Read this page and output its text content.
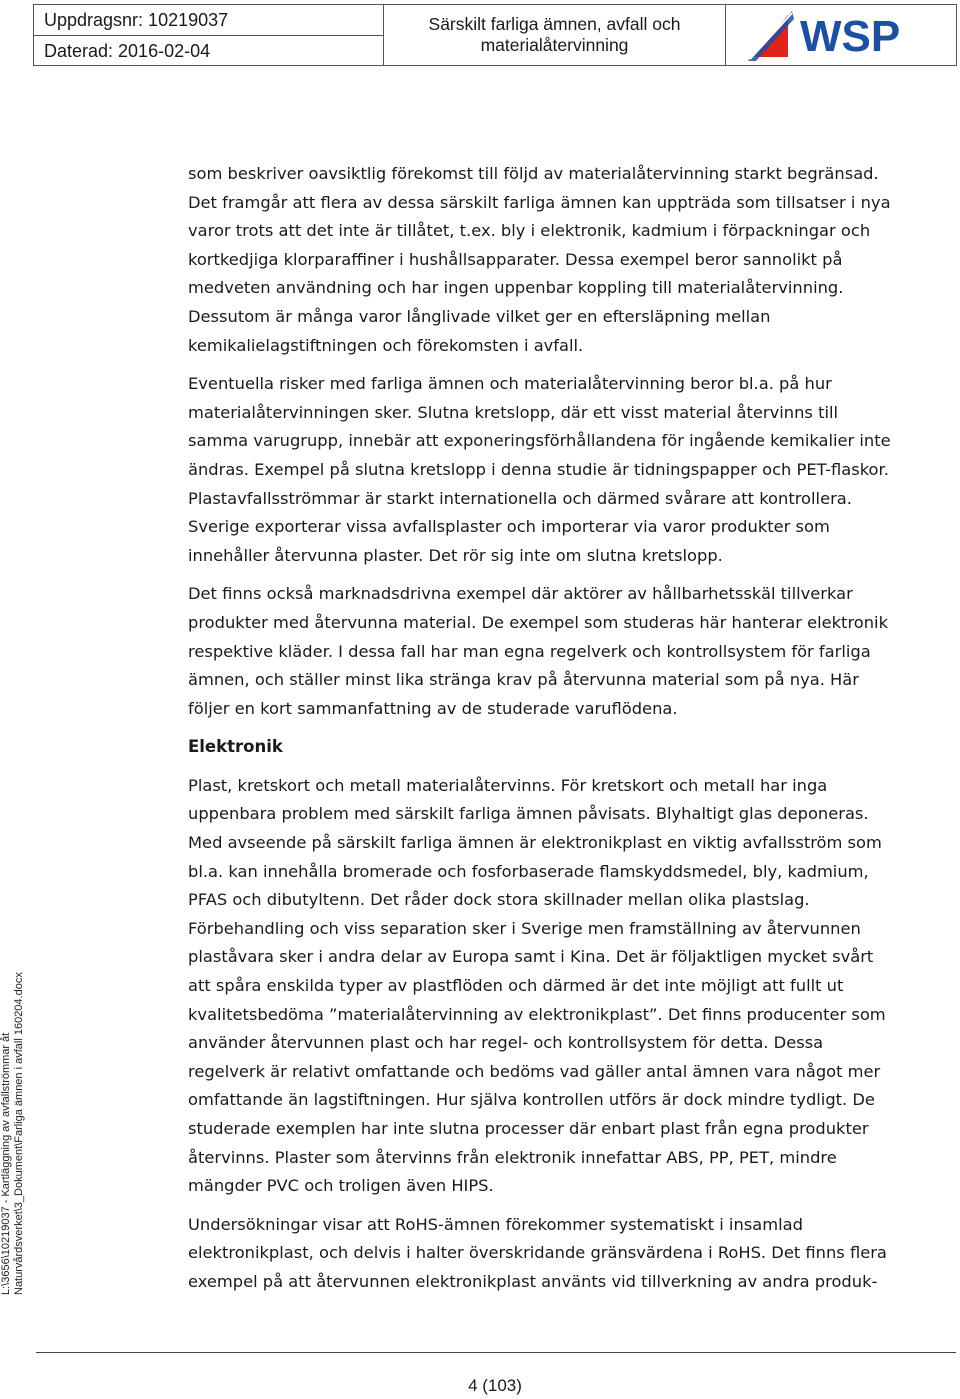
Uppdragsnr: 10219037
Daterad: 2016-02-04
Särskilt farliga ämnen, avfall och materialåtervinning	WSP
L:\3656\10219037 - Kartläggning av avfallströmmar åt Naturvårdsverket\3_Dokument\Farliga ämnen i avfall 160204.docx

som beskriver oavsiktlig förekomst till följd av materialåtervinning starkt begränsad. Det framgår att flera av dessa särskilt farliga ämnen kan uppträda som tillsatser i nya varor trots att det inte är tillåtet, t.ex. bly i elektronik, kadmium i förpackningar och kortkedjiga klorparaffiner i hushållsapparater. Dessa exempel beror sannolikt på medveten användning och har ingen uppenbar koppling till materialåtervinning. Dessutom är många varor långlivade vilket ger en eftersläpning mellan kemikalielagstiftningen och förekomsten i avfall.

Eventuella risker med farliga ämnen och materialåtervinning beror bl.a. på hur materialåtervinningen sker. Slutna kretslopp, där ett visst material återvinns till samma varugrupp, innebär att exponeringsförhållandena för ingående kemikalier inte ändras. Exempel på slutna kretslopp i denna studie är tidningspapper och PET-flaskor. Plastavfallsströmmar är starkt internationella och därmed svårare att kontrollera. Sverige exporterar vissa avfallsplaster och importerar via varor produkter som innehåller återvunna plaster. Det rör sig inte om slutna kretslopp.

Det finns också marknadsdrivna exempel där aktörer av hållbarhetsskäl tillverkar produkter med återvunna material. De exempel som studeras här hanterar elektronik respektive kläder. I dessa fall har man egna regelverk och kontrollsystem för farliga ämnen, och ställer minst lika stränga krav på återvunna material som på nya. Här följer en kort sammanfattning av de studerade varuflödena.

Elektronik

Plast, kretskort och metall materialåtervinns. För kretskort och metall har inga uppenbara problem med särskilt farliga ämnen påvisats. Blyhaltigt glas deponeras. Med avseende på särskilt farliga ämnen är elektronikplast en viktig avfallsström som bl.a. kan innehålla bromerade och fosforbaserade flamskyddsmedel, bly, kadmium, PFAS och dibutyltenn. Det råder dock stora skillnader mellan olika plastslag. Förbehandling och viss separation sker i Sverige men framställning av återvunnen plaståvara sker i andra delar av Europa samt i Kina. Det är följaktligen mycket svårt att spåra enskilda typer av plastflöden och därmed är det inte möjligt att fullt ut kvalitetsbedöma ”materialåtervinning av elektronikplast”. Det finns producenter som använder återvunnen plast och har regel- och kontrollsystem för detta. Dessa regelverk är relativt omfattande och bedöms vad gäller antal ämnen vara något mer omfattande än lagstiftningen. Hur själva kontrollen utförs är dock mindre tydligt. De studerade exemplen har inte slutna processer där enbart plast från egna produkter återvinns. Plaster som återvinns från elektronik innefattar ABS, PP, PET, mindre mängder PVC och troligen även HIPS.

Undersökningar visar att RoHS-ämnen förekommer systematiskt i insamlad elektronikplast, och delvis i halter överskridande gränsvärdena i RoHS. Det finns flera exempel på att återvunnen elektronikplast använts vid tillverkning av andra produk-

4 (103)
